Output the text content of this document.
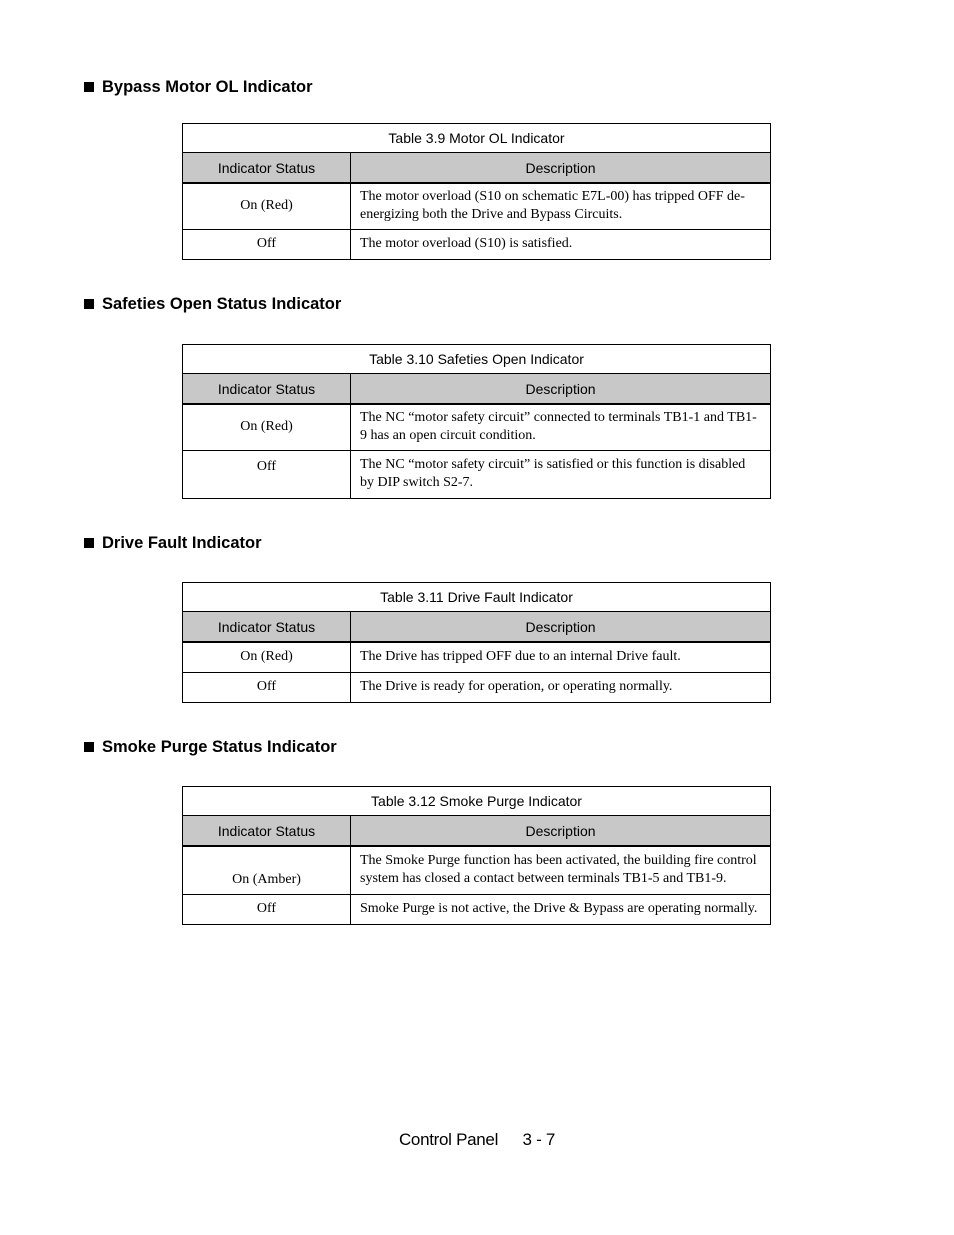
Bypass Motor OL Indicator
Table 3.9 Motor OL Indicator	
Indicator Status	Description
On (Red)	The motor overload (S10 on schematic E7L-00) has tripped OFF de-energizing both the Drive and Bypass Circuits.
Off	The motor overload (S10) is satisfied.
Safeties Open Status Indicator
Table 3.10 Safeties Open Indicator	
Indicator Status	Description
On (Red)	The NC “motor safety circuit” connected to terminals TB1-1 and TB1-9 has an open circuit condition.
Off	The NC “motor safety circuit” is satisfied or this function is disabled by DIP switch S2-7.
Drive Fault Indicator
Table 3.11 Drive Fault Indicator	
Indicator Status	Description
On (Red)	The Drive has tripped OFF due to an internal Drive fault.
Off	The Drive is ready for operation, or operating normally.
Smoke Purge Status Indicator
Table 3.12 Smoke Purge Indicator	
Indicator Status	Description
On (Amber)	The Smoke Purge function has been activated, the building fire control system has closed a contact between terminals TB1-5 and TB1-9.
Off	Smoke Purge is not active, the Drive & Bypass are operating normally.
Control Panel 3 - 7
